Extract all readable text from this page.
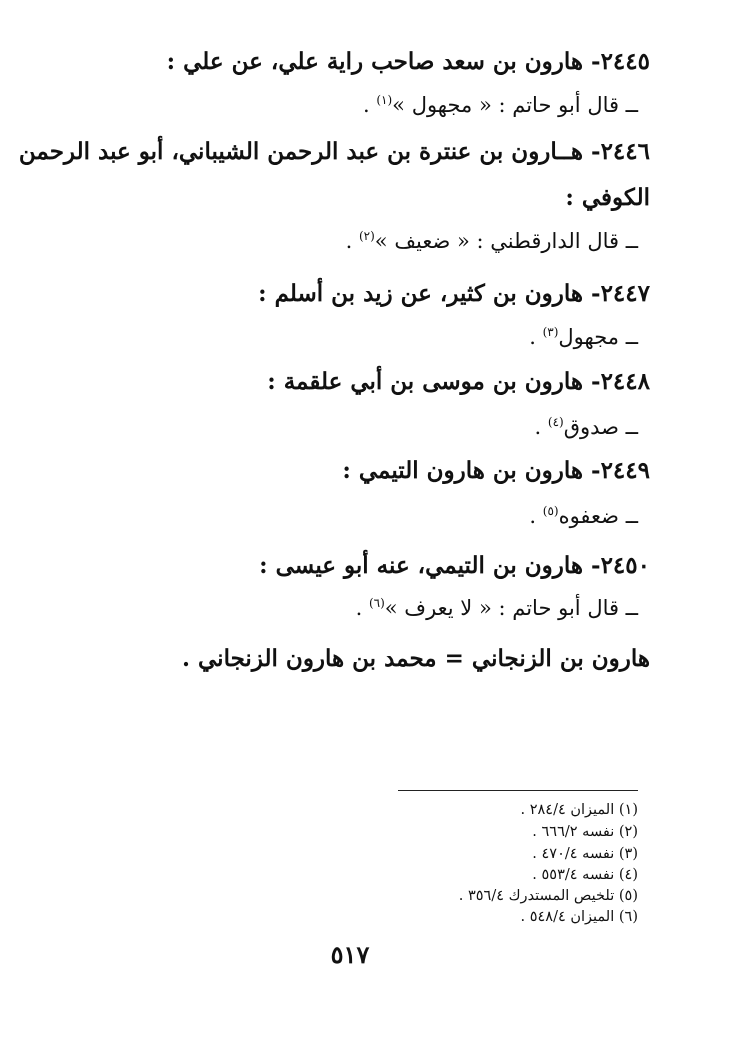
٢٤٤٥- هارون بن سعد صاحب راية علي، عن علي :
ــ قال أبو حاتم : « مجهول »$^{(١)}$ .
٢٤٤٦- هــارون بن عنترة بن عبد الرحمن الشيباني، أبو عبد الرحمن
الكوفي :
ــ قال الدارقطني : « ضعيف »$^{(٢)}$ .
٢٤٤٧- هارون بن كثير، عن زيد بن أسلم :
ــ مجهول$^{(٣)}$ .
٢٤٤٨- هارون بن موسى بن أبي علقمة :
ــ صدوق$^{(٤)}$ .
٢٤٤٩- هارون بن هارون التيمي :
ــ ضعفوه$^{(٥)}$ .
٢٤٥٠- هارون بن التيمي، عنه أبو عيسى :
ــ قال أبو حاتم : « لا يعرف »$^{(٦)}$ .
هارون بن الزنجاني = محمد بن هارون الزنجاني .
(١) الميزان ٢٨٤/٤ .
(٢) نفسه ٦٦٦/٢ .
(٣) نفسه ٤٧٠/٤ .
(٤) نفسه ٥٥٣/٤ .
(٥) تلخيص المستدرك ٣٥٦/٤ .
(٦) الميزان ٥٤٨/٤ .
٥١٧
